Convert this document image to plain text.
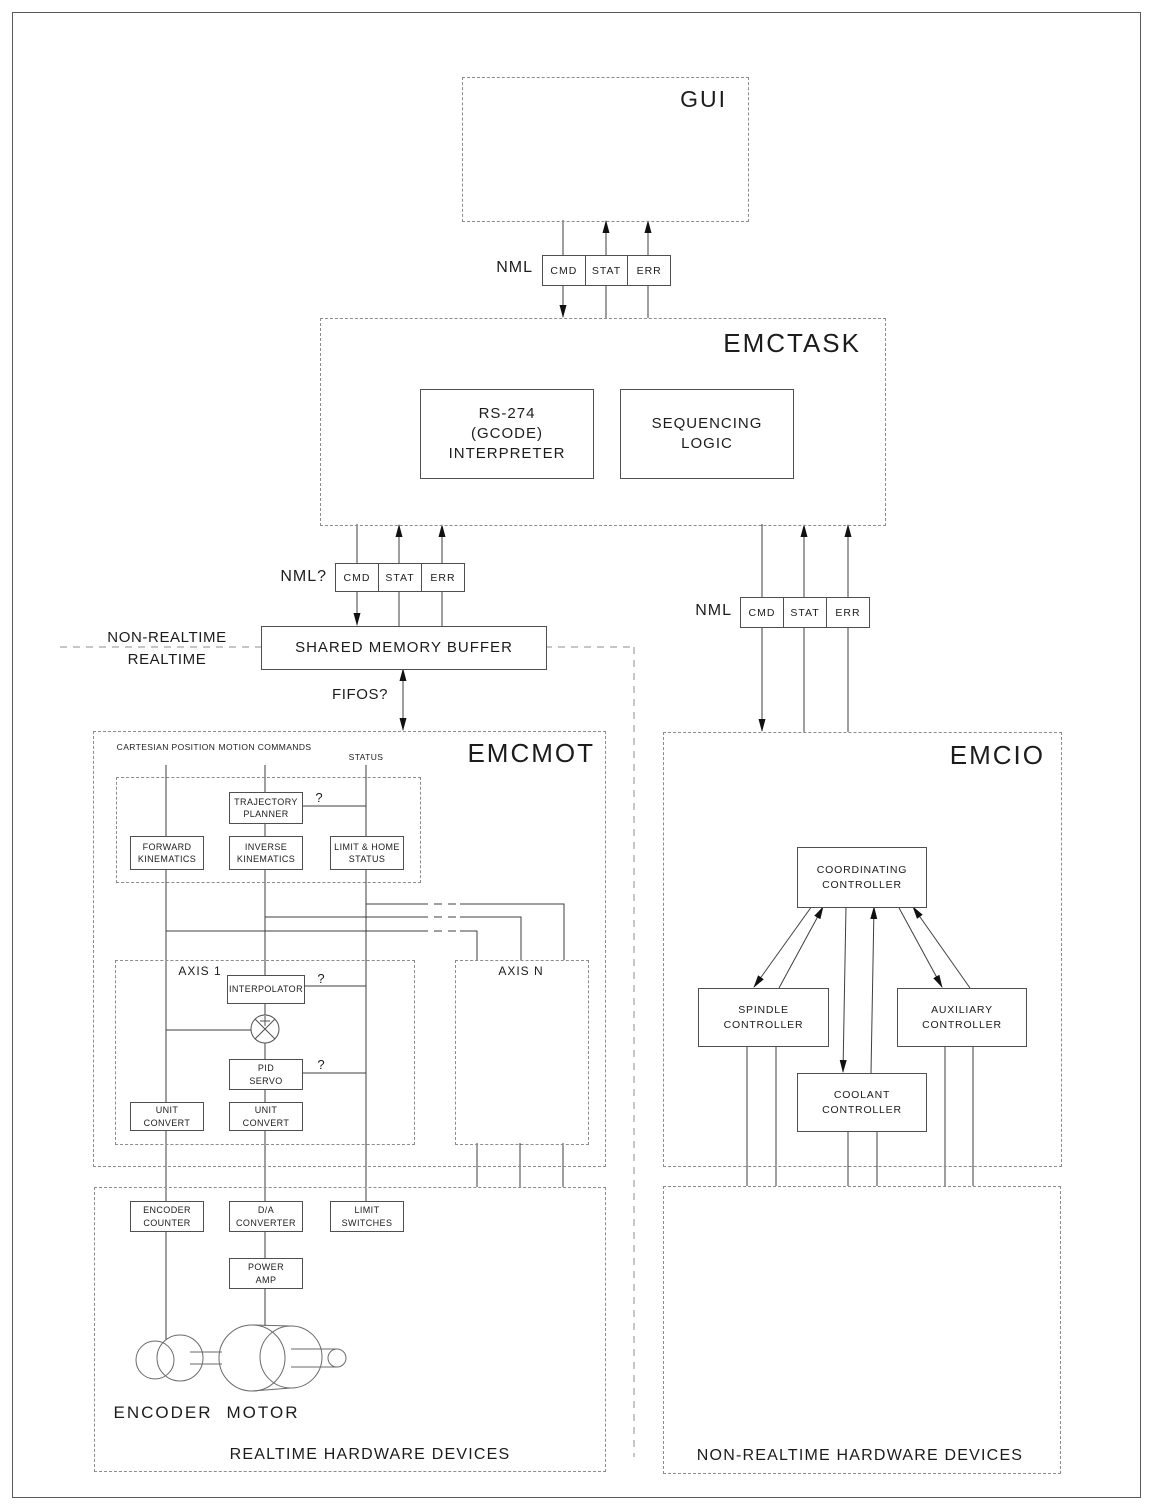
GUI
EMCTASK
EMCMOT	EMCIO
NML	CMD	STAT	ERR
NML?	CMD	STAT	ERR
NML	CMD	STAT	ERR
RS-274
(GCODE)
INTERPRETER
SEQUENCING
LOGIC
NON-REALTIME
REALTIME
SHARED MEMORY BUFFER
FIFOS?
CARTESIAN POSITION MOTION COMMANDS
STATUS
TRAJECTORY
PLANNER
FORWARD
KINEMATICS
INVERSE
KINEMATICS
LIMIT & HOME
STATUS
AXIS 1	AXIS N
INTERPOLATOR
PID
SERVO
UNIT
CONVERT
UNIT
CONVERT
?
?
?
COORDINATING
CONTROLLER
SPINDLE
CONTROLLER
AUXILIARY
CONTROLLER
COOLANT
CONTROLLER
ENCODER
COUNTER
D/A
CONVERTER
LIMIT
SWITCHES
POWER
AMP
ENCODER MOTOR
REALTIME HARDWARE DEVICES	NON-REALTIME HARDWARE DEVICES
